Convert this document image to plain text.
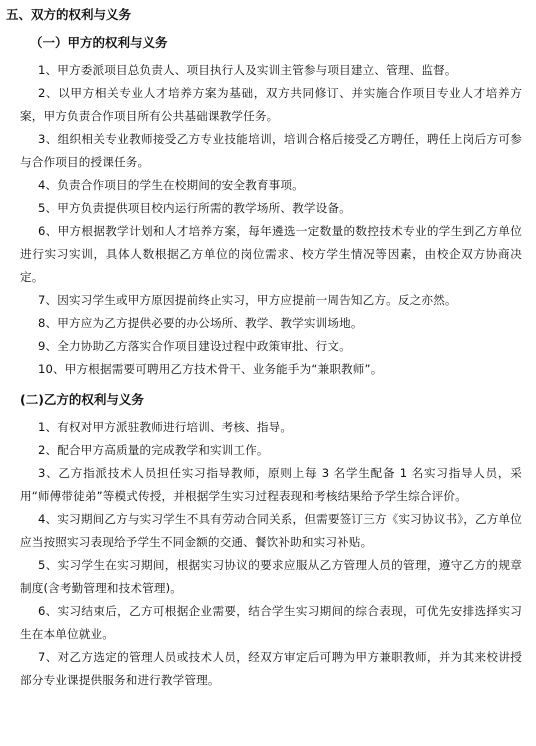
五、双方的权利与义务
（一）甲方的权利与义务

1、甲方委派项目总负责人、项目执行人及实训主管参与项目建立、管理、监督。

2、以甲方相关专业人才培养方案为基础，双方共同修订、并实施合作项目专业人才培养方案，甲方负责合作项目所有公共基础课教学任务。

3、组织相关专业教师接受乙方专业技能培训，培训合格后接受乙方聘任，聘任上岗后方可参与合作项目的授课任务。

4、负责合作项目的学生在校期间的安全教育事项。

5、甲方负责提供项目校内运行所需的教学场所、教学设备。

6、甲方根据教学计划和人才培养方案，每年遴选一定数量的数控技术专业的学生到乙方单位进行实习实训，具体人数根据乙方单位的岗位需求、校方学生情况等因素，由校企双方协商决定。

7、因实习学生或甲方原因提前终止实习，甲方应提前一周告知乙方。反之亦然。

8、甲方应为乙方提供必要的办公场所、教学、教学实训场地。

9、全力协助乙方落实合作项目建设过程中政策审批、行文。

10、甲方根据需要可聘用乙方技术骨干、业务能手为“兼职教师”。

(二)乙方的权利与义务

1、有权对甲方派驻教师进行培训、考核、指导。

2、配合甲方高质量的完成教学和实训工作。

3、乙方指派技术人员担任实习指导教师，原则上每 3 名学生配备 1 名实习指导人员，采用“师傅带徒弟”等模式传授，并根据学生实习过程表现和考核结果给予学生综合评价。

4、实习期间乙方与实习学生不具有劳动合同关系，但需要签订三方《实习协议书》，乙方单位应当按照实习表现给予学生不同金额的交通、餐饮补助和实习补贴。

5、实习学生在实习期间，根据实习协议的要求应服从乙方管理人员的管理，遵守乙方的规章制度(含考勤管理和技术管理)。

6、实习结束后，乙方可根据企业需要，结合学生实习期间的综合表现，可优先安排选择实习生在本单位就业。

7、对乙方选定的管理人员或技术人员，经双方审定后可聘为甲方兼职教师，并为其来校讲授部分专业课提供服务和进行教学管理。
